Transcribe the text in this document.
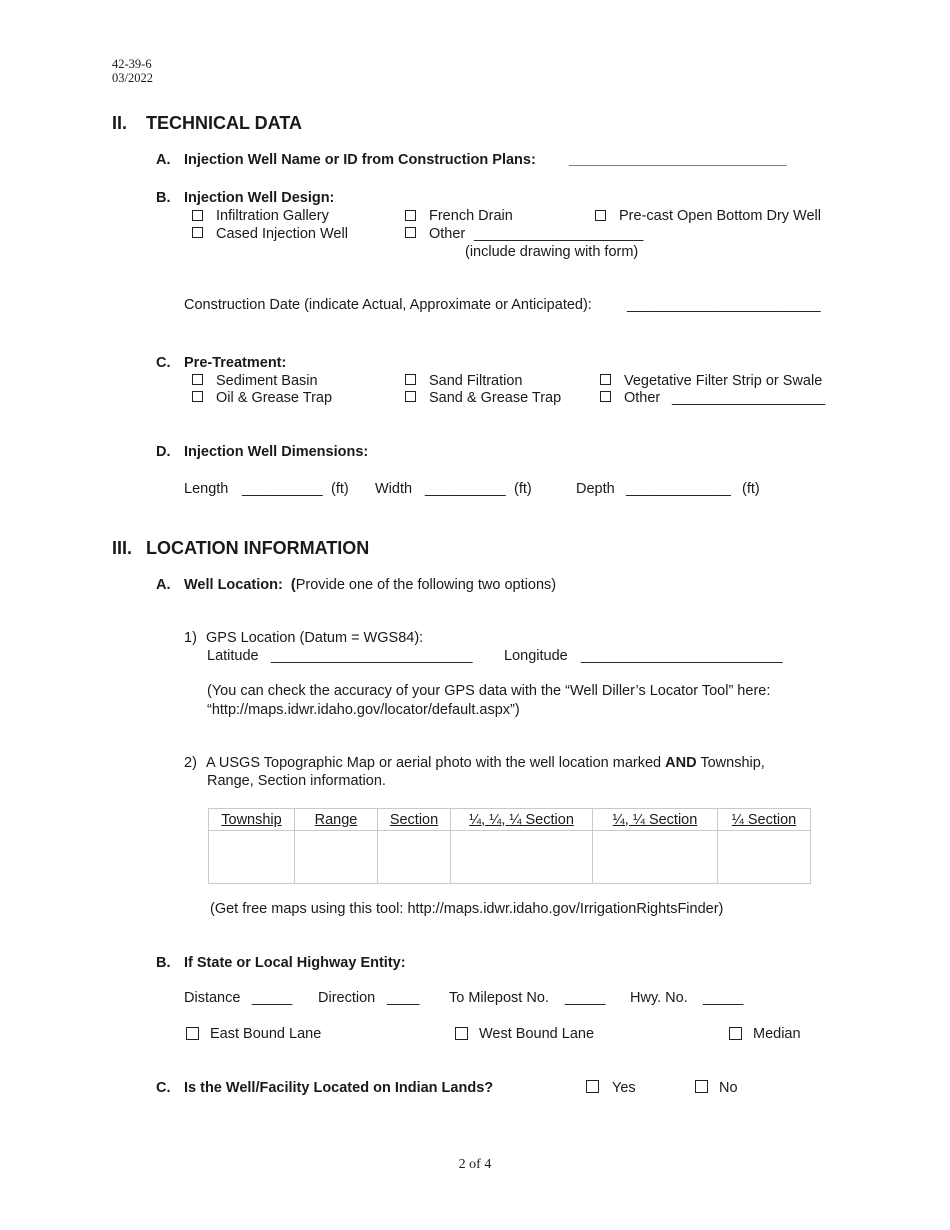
42-39-6
03/2022
II. TECHNICAL DATA
A. Injection Well Name or ID from Construction Plans: ___________________________
B. Injection Well Design:
Infiltration Gallery	French Drain	Pre-cast Open Bottom Dry Well
Cased Injection Well	Other _____________________
(include drawing with form)
Construction Date (indicate Actual, Approximate or Anticipated): ________________________
C. Pre-Treatment:
Sediment Basin	Sand Filtration	Vegetative Filter Strip or Swale
Oil & Grease Trap	Sand & Grease Trap	Other ___________________
D. Injection Well Dimensions:
Length __________ (ft) Width __________ (ft)	Depth _____________ (ft)
III. LOCATION INFORMATION
A. Well Location: (Provide one of the following two options)
1) GPS Location (Datum = WGS84):
Latitude _________________________ Longitude _________________________
(You can check the accuracy of your GPS data with the “Well Diller’s Locator Tool” here:
“http://maps.idwr.idaho.gov/locator/default.aspx”)
2) A USGS Topographic Map or aerial photo with the well location marked AND Township,
Range, Section information.
Township	Range	Section	¼, ¼, ¼ Section	¼, ¼ Section	¼ Section

(Get free maps using this tool: http://maps.idwr.idaho.gov/IrrigationRightsFinder)
B. If State or Local Highway Entity:
Distance _____ Direction ____ To Milepost No. _____ Hwy. No. _____
East Bound Lane	West Bound Lane	Median
C. Is the Well/Facility Located on Indian Lands?	Yes	No
2 of 4
